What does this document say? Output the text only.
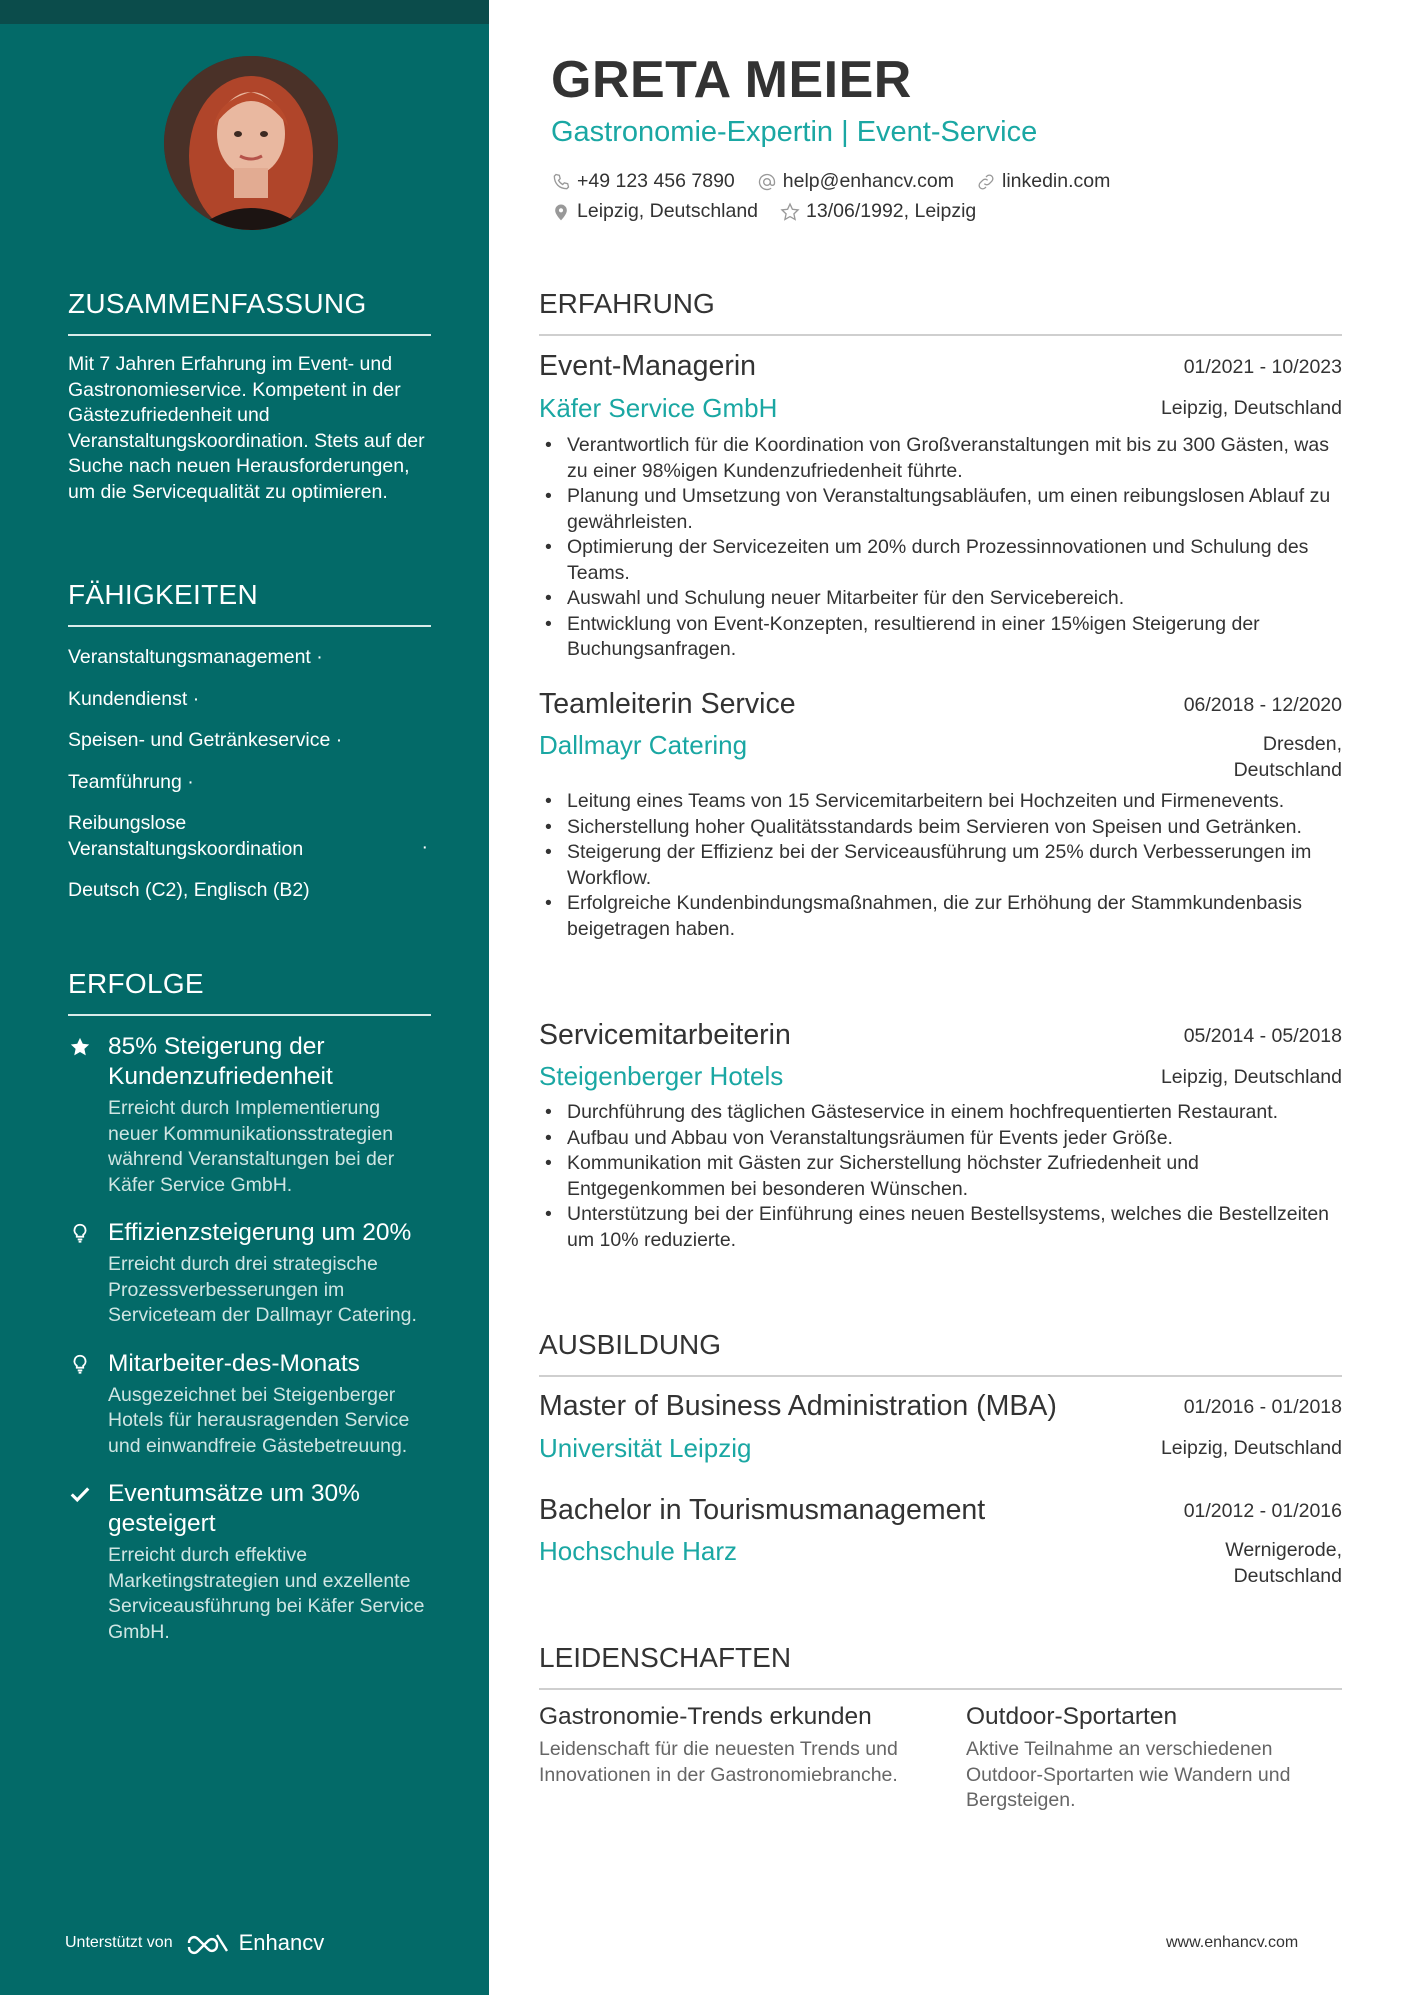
ZUSAMMENFASSUNG
Mit 7 Jahren Erfahrung im Event- und Gastronomieservice. Kompetent in der Gästezufriedenheit und Veranstaltungskoordination. Stets auf der Suche nach neuen Herausforderungen, um die Servicequalität zu optimieren.
FÄHIGKEITEN
Veranstaltungsmanagement ·
Kundendienst ·
Speisen- und Getränkeservice ·
Teamführung ·
Reibungslose Veranstaltungskoordination	·
Deutsch (C2), Englisch (B2)
ERFOLGE
85% Steigerung der Kundenzufriedenheit
Erreicht durch Implementierung neuer Kommunikationsstrategien während Veranstaltungen bei der Käfer Service GmbH.
Effizienzsteigerung um 20%
Erreicht durch drei strategische Prozessverbesserungen im Serviceteam der Dallmayr Catering.
Mitarbeiter-des-Monats
Ausgezeichnet bei Steigenberger Hotels für herausragenden Service und einwandfreie Gästebetreuung.
Eventumsätze um 30% gesteigert
Erreicht durch effektive Marketingstrategien und exzellente Serviceausführung bei Käfer Service GmbH.
Unterstützt von	Enhancv
GRETA MEIER
Gastronomie-Expertin | Event-Service
+49 123 456 7890 help@enhancv.com linkedin.com
Leipzig, Deutschland 13/06/1992, Leipzig
ERFAHRUNG
Event-Managerin	01/2021 - 10/2023
Käfer Service GmbH	Leipzig, Deutschland
• Verantwortlich für die Koordination von Großveranstaltungen mit bis zu 300 Gästen, was zu einer 98%igen Kundenzufriedenheit führte.
• Planung und Umsetzung von Veranstaltungsabläufen, um einen reibungslosen Ablauf zu gewährleisten.
• Optimierung der Servicezeiten um 20% durch Prozessinnovationen und Schulung des Teams.
• Auswahl und Schulung neuer Mitarbeiter für den Servicebereich.
• Entwicklung von Event-Konzepten, resultierend in einer 15%igen Steigerung der Buchungsanfragen.
Teamleiterin Service	06/2018 - 12/2020
Dallmayr Catering	Dresden,
Deutschland
• Leitung eines Teams von 15 Servicemitarbeitern bei Hochzeiten und Firmenevents.
• Sicherstellung hoher Qualitätsstandards beim Servieren von Speisen und Getränken.
• Steigerung der Effizienz bei der Serviceausführung um 25% durch Verbesserungen im Workflow.
• Erfolgreiche Kundenbindungsmaßnahmen, die zur Erhöhung der Stammkundenbasis beigetragen haben.
Servicemitarbeiterin	05/2014 - 05/2018
Steigenberger Hotels	Leipzig, Deutschland
• Durchführung des täglichen Gästeservice in einem hochfrequentierten Restaurant.
• Aufbau und Abbau von Veranstaltungsräumen für Events jeder Größe.
• Kommunikation mit Gästen zur Sicherstellung höchster Zufriedenheit und Entgegenkommen bei besonderen Wünschen.
• Unterstützung bei der Einführung eines neuen Bestellsystems, welches die Bestellzeiten um 10% reduzierte.
AUSBILDUNG
Master of Business Administration (MBA)	01/2016 - 01/2018
Universität Leipzig	Leipzig, Deutschland
Bachelor in Tourismusmanagement	01/2012 - 01/2016
Hochschule Harz	Wernigerode,
Deutschland
LEIDENSCHAFTEN
Gastronomie-Trends erkunden
Leidenschaft für die neuesten Trends und Innovationen in der Gastronomiebranche.
Outdoor-Sportarten
Aktive Teilnahme an verschiedenen Outdoor-Sportarten wie Wandern und Bergsteigen.
www.enhancv.com
